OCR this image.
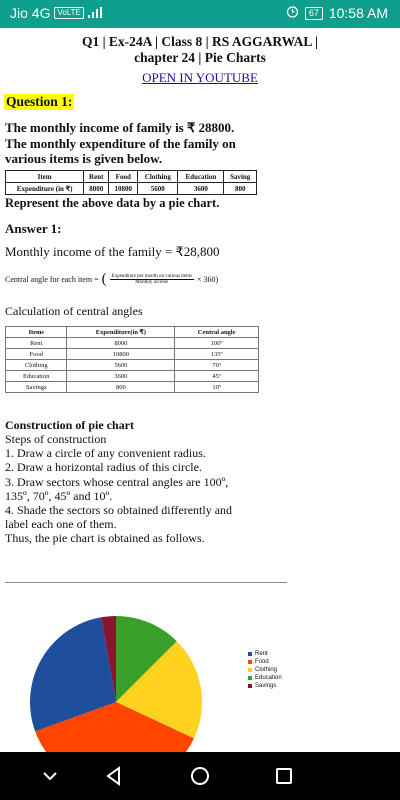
Jio 4G VoLTE	67 10:58 AM
Q1 | Ex-24A | Class 8 | RS AGGARWAL |
chapter 24 | Pie Charts
OPEN IN YOUTUBE
Question 1:
The monthly income of family is ₹ 28800. The monthly expenditure of the family on various items is given below.
Item	Rent	Food	Clothing	Education	Saving
Expenditure (in ₹)	8000	10800	5600	3600	800
Represent the above data by a pie chart.
Answer 1:
Monthly income of the family = ₹28,800
Central angle for each item = ( $\frac{\text{Expenditure per month on various items}}{\text{Monthly income}} \times 360$)
Calculation of central angles
Items	Expenditure(in ₹)	Central angle
Rent	8000	100º
Food	10800	135º
Clothing	5600	70º
Education	3600	45º
Savings	800	10º
Construction of pie chart
Steps of construction
1. Draw a circle of any convenient radius.
2. Draw a horizontal radius of this circle.
3. Draw sectors whose central angles are 100º, 135º, 70º, 45º and 10º.
4. Shade the sectors so obtained differently and label each one of them.
Thus, the pie chart is obtained as follows.
Rent
Food
Clothing
Education
Savings
